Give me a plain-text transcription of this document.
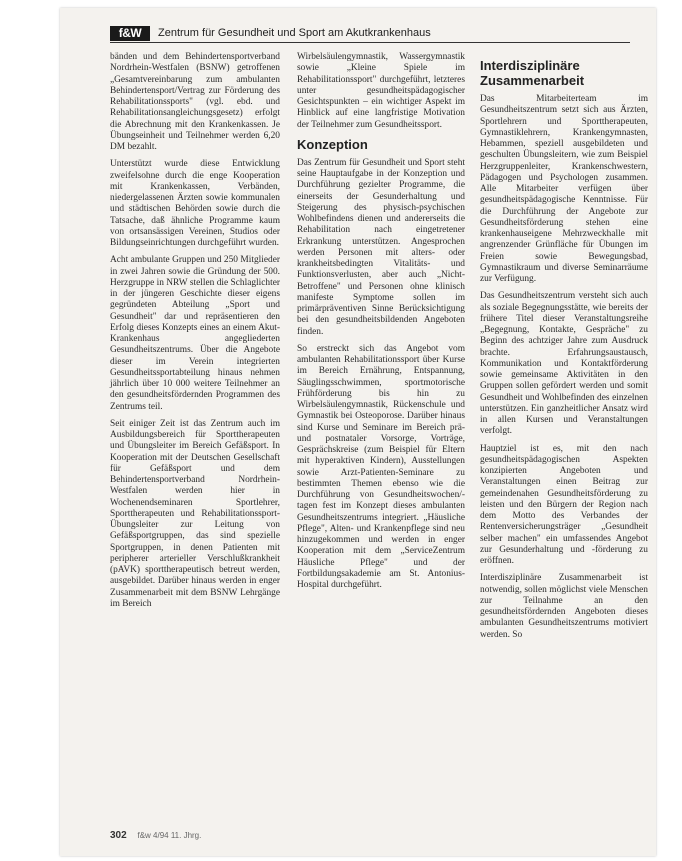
f&W	Zentrum für Gesundheit und Sport am Akutkrankenhaus

bänden und dem Behindertensportverband Nordrhein-Westfalen (BSNW) getroffenen „Gesamtvereinbarung zum ambulanten Behindertensport/Vertrag zur Förderung des Rehabilitationssports" (vgl. ebd. und Rehabilitationsangleichungsgesetz) erfolgt die Abrechnung mit den Krankenkassen. Je Übungseinheit und Teilnehmer werden 6,20 DM bezahlt.

Unterstützt wurde diese Entwicklung zweifelsohne durch die enge Kooperation mit Krankenkassen, Verbänden, niedergelassenen Ärzten sowie kommunalen und städtischen Behörden sowie durch die Tatsache, daß ähnliche Programme kaum von ortsansässigen Vereinen, Studios oder Bildungseinrichtungen durchgeführt wurden.

Acht ambulante Gruppen und 250 Mitglieder in zwei Jahren sowie die Gründung der 500. Herzgruppe in NRW stellen die Schlaglichter in der jüngeren Geschichte dieser eigens gegründeten Abteilung „Sport und Gesundheit" dar und repräsentieren den Erfolg dieses Konzepts eines an einem Akut-Krankenhaus angegliederten Gesundheitszentrums. Über die Angebote dieser im Verein integrierten Gesundheitssportabteilung hinaus nehmen jährlich über 10 000 weitere Teilnehmer an den gesundheitsfördernden Programmen des Zentrums teil.

Seit einiger Zeit ist das Zentrum auch im Ausbildungsbereich für Sporttherapeuten und Übungsleiter im Bereich Gefäßsport. In Kooperation mit der Deutschen Gesellschaft für Gefäßsport und dem Behindertensportverband Nordrhein-Westfalen werden hier in Wochenendseminaren Sportlehrer, Sporttherapeuten und Rehabilitationssport-Übungsleiter zur Leitung von Gefäßsportgruppen, das sind spezielle Sportgruppen, in denen Patienten mit peripherer arterieller Verschlußkrankheit (pAVK) sporttherapeutisch betreut werden, ausgebildet. Darüber hinaus werden in enger Zusammenarbeit mit dem BSNW Lehrgänge im Bereich

Wirbelsäulengymnastik, Wassergymnastik sowie „Kleine Spiele im Rehabilitationssport" durchgeführt, letzteres unter gesundheitspädagogischer Gesichtspunkten – ein wichtiger Aspekt im Hinblick auf eine langfristige Motivation der Teilnehmer zum Gesundheitssport.

Konzeption

Das Zentrum für Gesundheit und Sport steht seine Hauptaufgabe in der Konzeption und Durchführung gezielter Programme, die einerseits der Gesunderhaltung und Steigerung des physisch-psychischen Wohlbefindens dienen und andererseits die Rehabilitation nach eingetretener Erkrankung unterstützen. Angesprochen werden Personen mit alters- oder krankheitsbedingten Vitalitäts- und Funktionsverlusten, aber auch „Nicht-Betroffene" und Personen ohne klinisch manifeste Symptome sollen im primärpräventiven Sinne Berücksichtigung bei den gesundheitsbildenden Angeboten finden.

So erstreckt sich das Angebot vom ambulanten Rehabilitationssport über Kurse im Bereich Ernährung, Entspannung, Säuglingsschwimmen, sportmotorische Frühförderung bis hin zu Wirbelsäulengymnastik, Rückenschule und Gymnastik bei Osteoporose. Darüber hinaus sind Kurse und Seminare im Bereich prä- und postnataler Vorsorge, Vorträge, Gesprächskreise (zum Beispiel für Eltern mit hyperaktiven Kindern), Ausstellungen sowie Arzt-Patienten-Seminare zu bestimmten Themen ebenso wie die Durchführung von Gesundheitswochen/-tagen fest im Konzept dieses ambulanten Gesundheitszentrums integriert. „Häusliche Pflege", Alten- und Krankenpflege sind neu hinzugekommen und werden in enger Kooperation mit dem „ServiceZentrum Häusliche Pflege" und der Fortbildungsakademie am St. Antonius-Hospital durchgeführt.

Interdisziplinäre Zusammenarbeit

Das Mitarbeiterteam im Gesundheitszentrum setzt sich aus Ärzten, Sportlehrern und Sporttherapeuten, Gymnastiklehrern, Krankengymnasten, Hebammen, speziell ausgebildeten und geschulten Übungsleitern, wie zum Beispiel Herzgruppenleiter, Krankenschwestern, Pädagogen und Psychologen zusammen. Alle Mitarbeiter verfügen über gesundheitspädagogische Kenntnisse. Für die Durchführung der Angebote zur Gesundheitsförderung stehen eine krankenhauseigene Mehrzweckhalle mit angrenzender Grünfläche für Übungen im Freien sowie Bewegungsbad, Gymnastikraum und diverse Seminarräume zur Verfügung.

Das Gesundheitszentrum versteht sich auch als soziale Begegnungsstätte, wie bereits der frühere Titel dieser Veranstaltungsreihe „Begegnung, Kontakte, Gespräche" zu Beginn des achtziger Jahre zum Ausdruck brachte. Erfahrungsaustausch, Kommunikation und Kontaktförderung sowie gemeinsame Aktivitäten in den Gruppen sollen gefördert werden und somit Gesundheit und Wohlbefinden des einzelnen unterstützen. Ein ganzheitlicher Ansatz wird in allen Kursen und Veranstaltungen verfolgt.

Hauptziel ist es, mit den nach gesundheitspädagogischen Aspekten konzipierten Angeboten und Veranstaltungen einen Beitrag zur gemeindenahen Gesundheitsförderung zu leisten und den Bürgern der Region nach dem Motto des Verbandes der Rentenversicherungsträger „Gesundheit selber machen" ein umfassendes Angebot zur Gesunderhaltung und -förderung zu eröffnen.

Interdisziplinäre Zusammenarbeit ist notwendig, sollen möglichst viele Menschen zur Teilnahme an den gesundheitsfördernden Angeboten dieses ambulanten Gesundheitszentrums motiviert werden. So

302 f&w 4/94 11. Jhrg.
